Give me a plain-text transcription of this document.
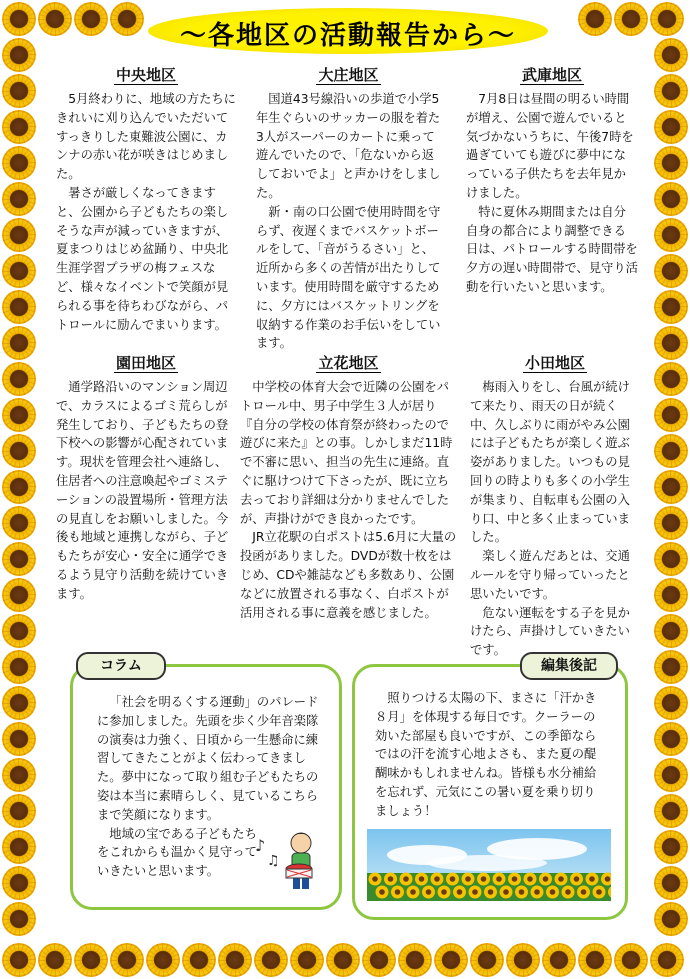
～各地区の活動報告から～
中央地区

5月終わりに、地域の方たちにきれいに刈り込んでいただいてすっきりした東難波公園に、カンナの赤い花が咲きはじめました。

暑さが厳しくなってきますと、公園から子どもたちの楽しそうな声が減っていきますが、夏まつりはじめ盆踊り、中央北生涯学習プラザの梅フェスなど、様々なイベントで笑顔が見られる事を待ちわびながら、パトロールに励んでまいります。

大庄地区

国道43号線沿いの歩道で小学5年生ぐらいのサッカーの服を着た3人がスーパーのカートに乗って遊んでいたので、「危ないから返しておいでよ」と声かけをしました。

新・南の口公園で使用時間を守らず、夜遅くまでバスケットボールをして、「音がうるさい」と、近所から多くの苦情が出たりしています。使用時間を厳守するために、夕方にはバスケットリングを収納する作業のお手伝いをしています。

武庫地区

7月8日は昼間の明るい時間が増え、公園で遊んでいると気づかないうちに、午後7時を過ぎていても遊びに夢中になっている子供たちを去年見かけました。

特に夏休み期間または自分自身の都合により調整できる日は、パトロールする時間帯を夕方の遅い時間帯で、見守り活動を行いたいと思います。

園田地区

通学路沿いのマンション周辺で、カラスによるゴミ荒らしが発生しており、子どもたちの登下校への影響が心配されています。現状を管理会社へ連絡し、住居者への注意喚起やゴミステーションの設置場所・管理方法の見直しをお願いしました。今後も地域と連携しながら、子どもたちが安心・安全に通学できるよう見守り活動を続けていきます。

立花地区

中学校の体育大会で近隣の公園をパトロール中、男子中学生３人が居り『自分の学校の体育祭が終わったので遊びに来た』との事。しかしまだ11時で不審に思い、担当の先生に連絡。直ぐに駆けつけて下さったが、既に立ち去っており詳細は分かりませんでしたが、声掛けができ良かったです。

JR立花駅の白ポストは5.6月に大量の投函がありました。DVDが数十枚をはじめ、CDや雑誌なども多数あり、公園などに放置される事なく、白ポストが活用される事に意義を感じました。

小田地区

梅雨入りをし、台風が続けて来たり、雨天の日が続く中、久しぶりに雨がやみ公園には子どもたちが楽しく遊ぶ姿がありました。いつもの見回りの時よりも多くの小学生が集まり、自転車も公園の入り口、中と多く止まっていました。

楽しく遊んだあとは、交通ルールを守り帰っていったと思いたいです。

危ない運転をする子を見かけたら、声掛けしていきたいです。

「社会を明るくする運動」のパレードに参加しました。先頭を歩く少年音楽隊の演奏は力強く、日頃から一生懸命に練習してきたことがよく伝わってきました。夢中になって取り組む子どもたちの姿は本当に素晴らしく、見ているこちらまで笑顔になります。

地域の宝である子どもたちをこれからも温かく見守っていきたいと思います。

♪
♫
コラム

照りつける太陽の下、まさに「汗かき８月」を体現する毎日です。クーラーの効いた部屋も良いですが、この季節ならではの汗を流す心地よさも、また夏の醍醐味かもしれませんね。皆様も水分補給を忘れず、元気にこの暑い夏を乗り切りましょう！

編集後記
